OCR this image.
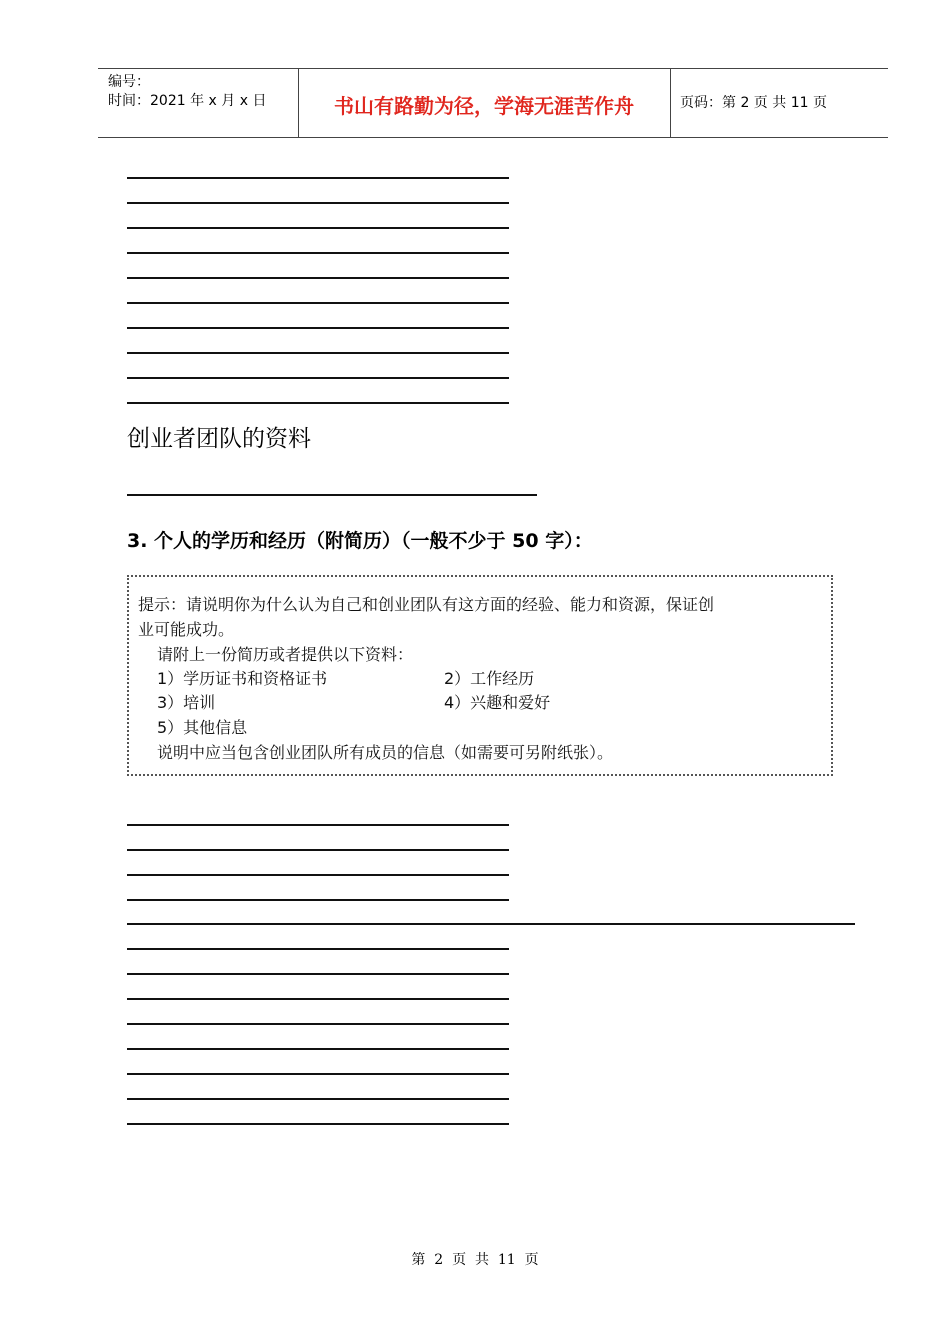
编号：
时间：2021 年 x 月 x 日	书山有路勤为径，学海无涯苦作舟	页码：第 2 页 共 11 页
创业者团队的资料
3. 个人的学历和经历（附简历）（一般不少于 50 字）：
提示：请说明你为什么认为自己和创业团队有这方面的经验、能力和资源，保证创
业可能成功。
请附上一份简历或者提供以下资料：
1）学历证书和资格证书	2）工作经历
3）培训	4）兴趣和爱好
5）其他信息
说明中应当包含创业团队所有成员的信息（如需要可另附纸张）。
第  2  页  共  11  页
